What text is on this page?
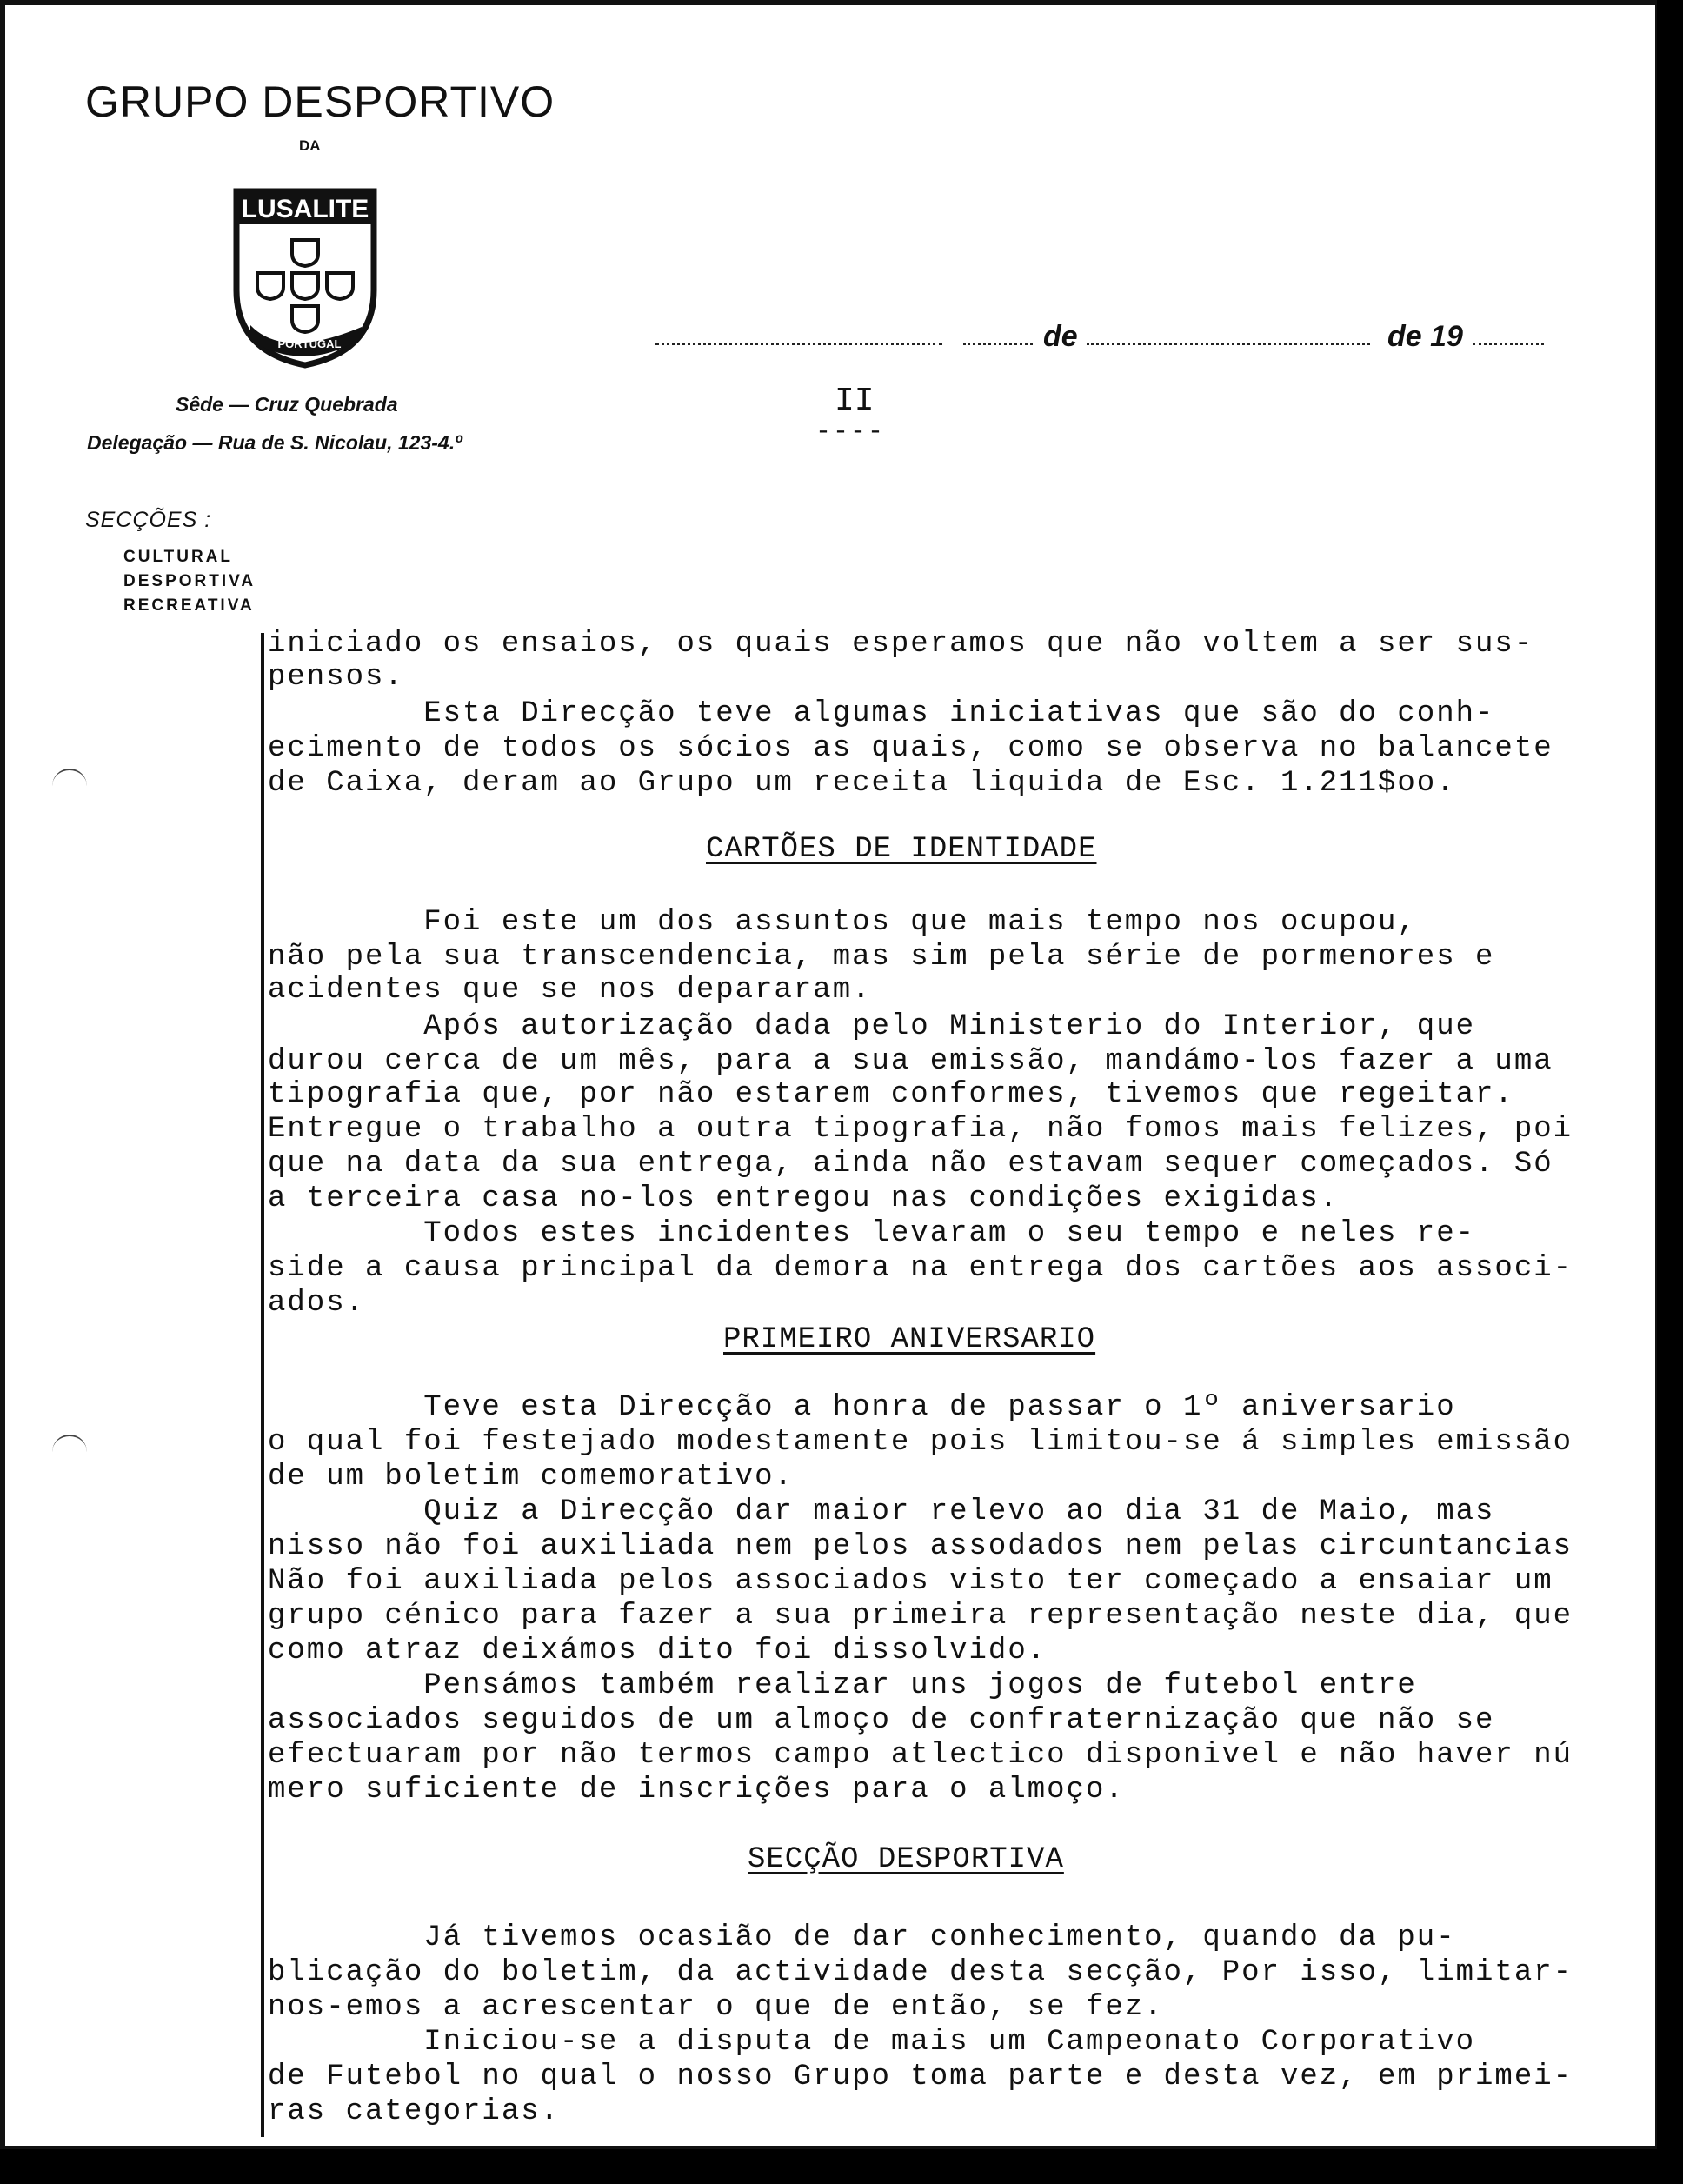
GRUPO DESPORTIVO
DA
LUSALITE
PORTUGAL
Sêde — Cruz Quebrada
Delegação — Rua de S. Nicolau, 123-4.º
SECÇÕES :
CULTURAL
DESPORTIVA
RECREATIVA
de	de 19
II
----
iniciado os ensaios, os quais esperamos que não voltem a ser sus-
pensos.
Esta Direcção teve algumas iniciativas que são do conh-
ecimento de todos os sócios as quais, como se observa no balancete
de Caixa, deram ao Grupo um receita liquida de Esc. 1.211$oo.
CARTÕES DE IDENTIDADE
Foi este um dos assuntos que mais tempo nos ocupou,
não pela sua transcendencia, mas sim pela série de pormenores e
acidentes que se nos depararam.
Após autorização dada pelo Ministerio do Interior, que
durou cerca de um mês, para a sua emissão, mandámo-los fazer a uma
tipografia que, por não estarem conformes, tivemos que regeitar.
Entregue o trabalho a outra tipografia, não fomos mais felizes, poi
que na data da sua entrega, ainda não estavam sequer começados. Só
a terceira casa no-los entregou nas condições exigidas.
Todos estes incidentes levaram o seu tempo e neles re-
side a causa principal da demora na entrega dos cartões aos associ-
ados.
PRIMEIRO ANIVERSARIO
Teve esta Direcção a honra de passar o 1º aniversario
o qual foi festejado modestamente pois limitou-se á simples emissão
de um boletim comemorativo.
Quiz a Direcção dar maior relevo ao dia 31 de Maio, mas
nisso não foi auxiliada nem pelos assodados nem pelas circuntancias
Não foi auxiliada pelos associados visto ter começado a ensaiar um
grupo cénico para fazer a sua primeira representação neste dia, que
como atraz deixámos dito foi dissolvido.
Pensámos também realizar uns jogos de futebol entre
associados seguidos de um almoço de confraternização que não se
efectuaram por não termos campo atlectico disponivel e não haver nú
mero suficiente de inscrições para o almoço.
SECÇÃO DESPORTIVA
Já tivemos ocasião de dar conhecimento, quando da pu-
blicação do boletim, da actividade desta secção, Por isso, limitar-
nos-emos a acrescentar o que de então, se fez.
Iniciou-se a disputa de mais um Campeonato Corporativo
de Futebol no qual o nosso Grupo toma parte e desta vez, em primei-
ras categorias.
